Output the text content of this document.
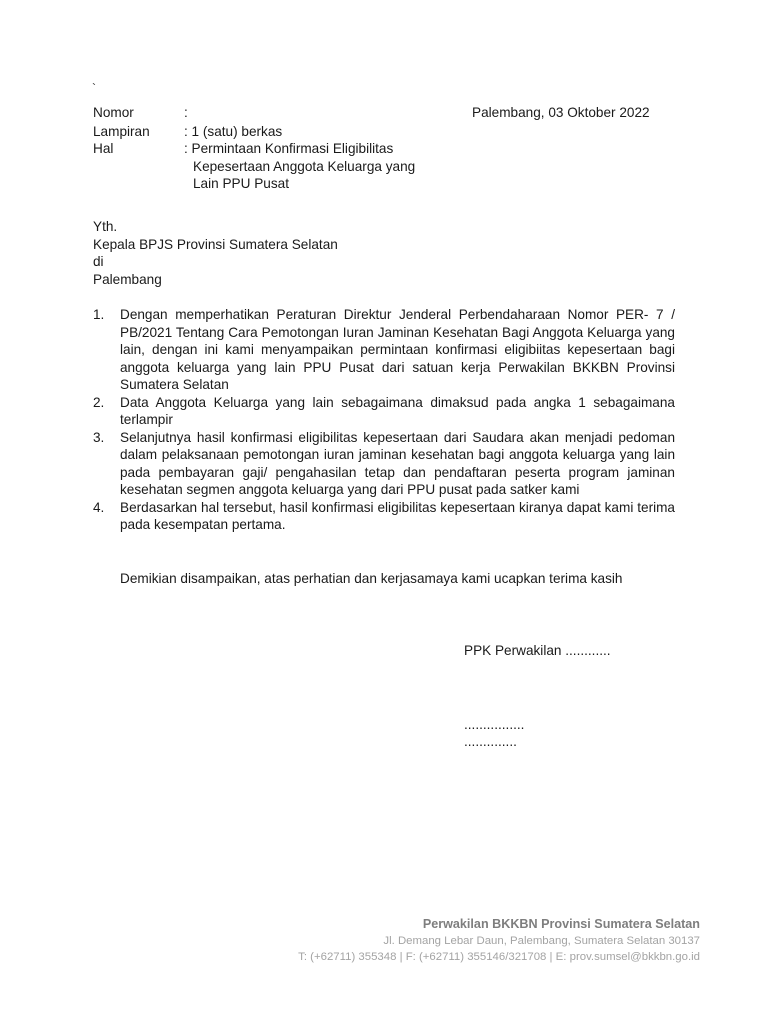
`
Nomor	:	Palembang, 03 Oktober 2022
Lampiran	: 1 (satu) berkas
Hal	: Permintaan Konfirmasi Eligibilitas
Kepesertaan Anggota Keluarga yang
Lain PPU Pusat
Yth.
Kepala BPJS Provinsi Sumatera Selatan
di
Palembang
1.	Dengan memperhatikan Peraturan Direktur Jenderal Perbendaharaan Nomor PER- 7 / PB/2021 Tentang Cara Pemotongan Iuran Jaminan Kesehatan Bagi Anggota Keluarga yang lain, dengan ini kami menyampaikan permintaan konfirmasi eligibiitas kepesertaan bagi anggota keluarga yang lain PPU Pusat dari satuan kerja Perwakilan BKKBN Provinsi Sumatera Selatan
2.	Data Anggota Keluarga yang lain sebagaimana dimaksud pada angka 1 sebagaimana terlampir
3.	Selanjutnya hasil konfirmasi eligibilitas kepesertaan dari Saudara akan menjadi pedoman dalam pelaksanaan pemotongan iuran jaminan kesehatan bagi anggota keluarga yang lain pada pembayaran gaji/ pengahasilan tetap dan pendaftaran peserta program jaminan kesehatan segmen anggota keluarga yang dari PPU pusat pada satker kami
4.	Berdasarkan hal tersebut, hasil konfirmasi eligibilitas kepesertaan kiranya dapat kami terima pada kesempatan pertama.
Demikian disampaikan, atas perhatian dan kerjasamaya kami ucapkan terima kasih
PPK Perwakilan ............
................
..............
Perwakilan BKKBN Provinsi Sumatera Selatan
Jl. Demang Lebar Daun, Palembang, Sumatera Selatan 30137
T: (+62711) 355348 | F: (+62711) 355146/321708 | E: prov.sumsel@bkkbn.go.id
